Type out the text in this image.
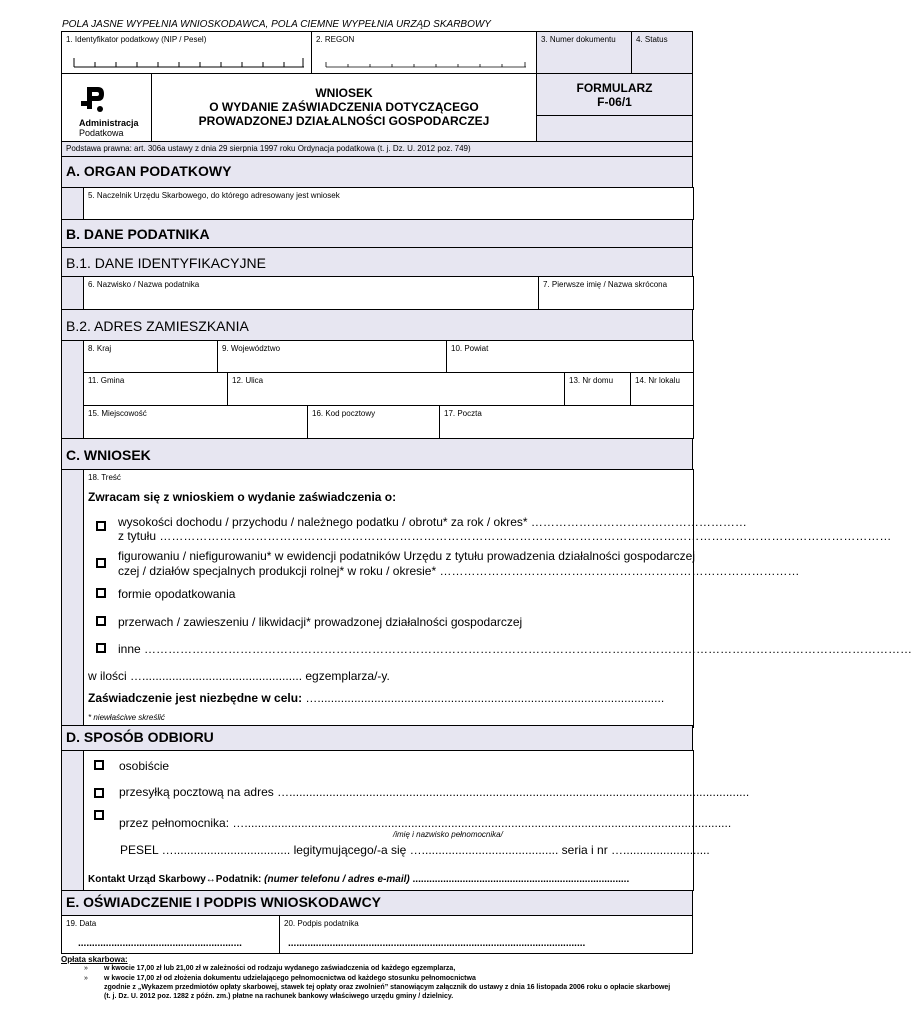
POLA JASNE WYPEŁNIA WNIOSKODAWCA, POLA CIEMNE WYPEŁNIA URZĄD SKARBOWY
1. Identyfikator podatkowy (NIP / Pesel)	2. REGON	3. Numer dokumentu	4. Status
Administracja
Podatkowa
WNIOSEK
O WYDANIE ZAŚWIADCZENIA DOTYCZĄCEGO
PROWADZONEJ DZIAŁALNOŚCI GOSPODARCZEJ
FORMULARZ
F-06/1
Podstawa prawna: art. 306a ustawy z dnia 29 sierpnia 1997 roku Ordynacja podatkowa (t. j. Dz. U. 2012 poz. 749)
A. ORGAN PODATKOWY
5. Naczelnik Urzędu Skarbowego, do którego adresowany jest wniosek
B. DANE PODATNIKA
B.1. DANE IDENTYFIKACYJNE
6. Nazwisko / Nazwa podatnika	7. Pierwsze imię / Nazwa skrócona
B.2. ADRES ZAMIESZKANIA
8. Kraj	9. Województwo	10. Powiat
11. Gmina	12. Ulica	13. Nr domu	14. Nr lokalu
15. Miejscowość	16. Kod pocztowy	17. Poczta
C. WNIOSEK
18. Treść
Zwracam się z wnioskiem o wydanie zaświadczenia o:
wysokości dochodu / przychodu / należnego podatku / obrotu* za rok / okres* ………………………………………………
z tytułu …………………………………………………………………………………………………………………………………………………………………
figurowaniu / niefigurowaniu* w ewidencji podatników Urzędu z tytułu prowadzenia działalności gospodarczej
czej / działów specjalnych produkcji rolnej* w roku / okresie* ………………………………………………………………………………
formie opodatkowania
przerwach / zawieszeniu / likwidacji* prowadzonej działalności gospodarczej
inne …………………………………………………………………………………………………………………………………………………………………………
w ilości …................................................ egzemplarza/-y.
Zaświadczenie jest niezbędne w celu: …........................................................................................................
* niewłaściwe skreślić
D. SPOSÓB ODBIORU
osobiście
przesyłką pocztową na adres …..........................................................................................................................................
przez pełnomocnika: …..................................................................................................................................................
/imię i nazwisko pełnomocnika/
PESEL …................................... legitymującego/-a się …......................................... seria i nr …..........................
Kontakt Urząd Skarbowy↔Podatnik: (numer telefonu / adres e-mail) ..............................................................................
E. OŚWIADCZENIE I PODPIS WNIOSKODAWCY
19. Data
...........................................................
20. Podpis podatnika
...........................................................................................................
Opłata skarbowa:
» w kwocie 17,00 zł lub 21,00 zł w zależności od rodzaju wydanego zaświadczenia od każdego egzemplarza,
» w kwocie 17,00 zł od złożenia dokumentu udzielającego pełnomocnictwa od każdego stosunku pełnomocnictwa
zgodnie z „Wykazem przedmiotów opłaty skarbowej, stawek tej opłaty oraz zwolnień” stanowiącym załącznik do ustawy z dnia 16 listopada 2006 roku o opłacie skarbowej
(t. j. Dz. U. 2012 poz. 1282 z późn. zm.) płatne na rachunek bankowy właściwego urzędu gminy / dzielnicy.
